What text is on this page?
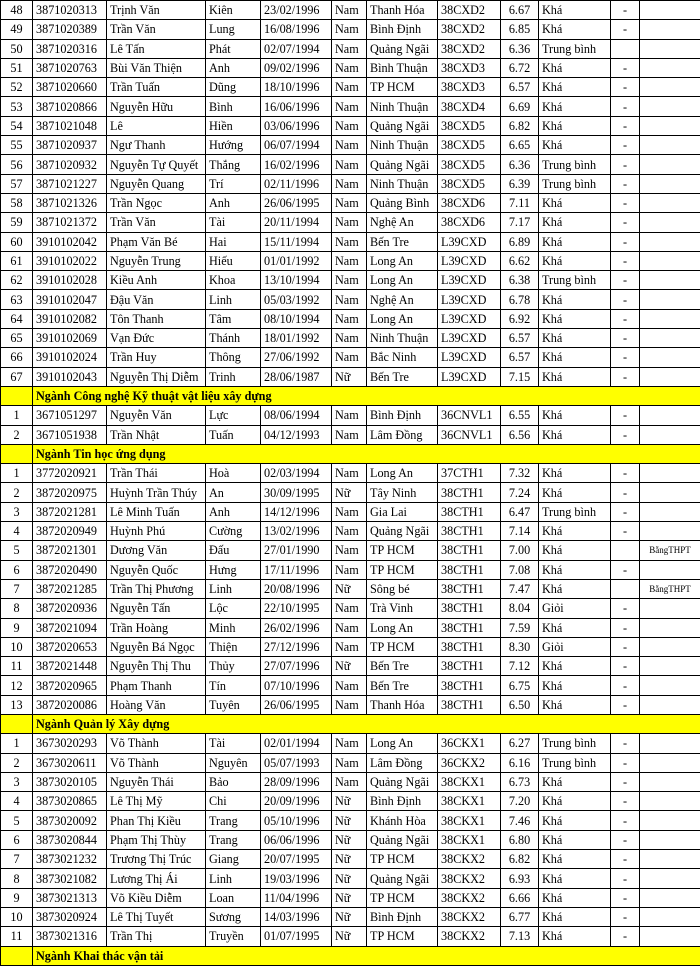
48	3871020313	Trịnh Văn	Kiên	23/02/1996	Nam	Thanh Hóa	38CXD2	6.67	Khá	-	
49	3871020389	Trần Văn	Lung	16/08/1996	Nam	Bình Định	38CXD2	6.85	Khá	-	
50	3871020316	Lê Tấn	Phát	02/07/1994	Nam	Quảng Ngãi	38CXD2	6.36	Trung bình		
51	3871020763	Bùi Văn Thiện	Anh	09/02/1996	Nam	Bình Thuận	38CXD3	6.72	Khá	-	
52	3871020660	Trần Tuấn	Dũng	18/10/1996	Nam	TP HCM	38CXD3	6.57	Khá	-	
53	3871020866	Nguyễn Hữu	Bình	16/06/1996	Nam	Ninh Thuận	38CXD4	6.69	Khá	-	
54	3871021048	Lê	Hiền	03/06/1996	Nam	Quảng Ngãi	38CXD5	6.82	Khá	-	
55	3871020937	Ngư Thanh	Hướng	06/07/1994	Nam	Ninh Thuận	38CXD5	6.65	Khá	-	
56	3871020932	Nguyễn Tự Quyết	Thắng	16/02/1996	Nam	Quảng Ngãi	38CXD5	6.36	Trung bình	-	
57	3871021227	Nguyễn Quang	Trí	02/11/1996	Nam	Ninh Thuận	38CXD5	6.39	Trung bình	-	
58	3871021326	Trần Ngọc	Anh	26/06/1995	Nam	Quảng Bình	38CXD6	7.11	Khá	-	
59	3871021372	Trần Văn	Tài	20/11/1994	Nam	Nghệ An	38CXD6	7.17	Khá	-	
60	3910102042	Phạm Văn Bé	Hai	15/11/1994	Nam	Bến Tre	L39CXD	6.89	Khá	-	
61	3910102022	Nguyễn Trung	Hiếu	01/01/1992	Nam	Long An	L39CXD	6.62	Khá	-	
62	3910102028	Kiều Anh	Khoa	13/10/1994	Nam	Long An	L39CXD	6.38	Trung bình	-	
63	3910102047	Đậu Văn	Linh	05/03/1992	Nam	Nghệ An	L39CXD	6.78	Khá	-	
64	3910102082	Tôn Thanh	Tâm	08/10/1994	Nam	Long An	L39CXD	6.92	Khá	-	
65	3910102069	Vạn Đức	Thánh	18/01/1992	Nam	Ninh Thuận	L39CXD	6.57	Khá	-	
66	3910102024	Trần Huy	Thông	27/06/1992	Nam	Bắc Ninh	L39CXD	6.57	Khá	-	
67	3910102043	Nguyễn Thị Diễm	Trinh	28/06/1987	Nữ	Bến Tre	L39CXD	7.15	Khá	-	
	Ngành Công nghệ Kỹ thuật vật liệu xây dựng										
1	3671051297	Nguyễn Văn	Lực	08/06/1994	Nam	Bình Định	36CNVL1	6.55	Khá	-	
2	3671051938	Trần Nhật	Tuấn	04/12/1993	Nam	Lâm Đồng	36CNVL1	6.56	Khá	-	
	Ngành Tin học ứng dụng										
1	3772020921	Trần Thái	Hoà	02/03/1994	Nam	Long An	37CTH1	7.32	Khá	-	
2	3872020975	Huỳnh Trần Thúy	An	30/09/1995	Nữ	Tây Ninh	38CTH1	7.24	Khá	-	
3	3872021281	Lê Minh Tuấn	Anh	14/12/1996	Nam	Gia Lai	38CTH1	6.47	Trung bình	-	
4	3872020949	Huỳnh Phú	Cường	13/02/1996	Nam	Quảng Ngãi	38CTH1	7.14	Khá	-	
5	3872021301	Dương Văn	Đấu	27/01/1990	Nam	TP HCM	38CTH1	7.00	Khá		BằngTHPT
6	3872020490	Nguyễn Quốc	Hưng	17/11/1996	Nam	TP HCM	38CTH1	7.08	Khá	-	
7	3872021285	Trần Thị Phương	Linh	20/08/1996	Nữ	Sông bé	38CTH1	7.47	Khá		BằngTHPT
8	3872020936	Nguyễn Tấn	Lộc	22/10/1995	Nam	Trà Vinh	38CTH1	8.04	Giỏi	-	
9	3872021094	Trần Hoàng	Minh	26/02/1996	Nam	Long An	38CTH1	7.59	Khá	-	
10	3872020653	Nguyễn Bá Ngọc	Thiện	27/12/1996	Nam	TP HCM	38CTH1	8.30	Giỏi	-	
11	3872021448	Nguyễn Thị Thu	Thủy	27/07/1996	Nữ	Bến Tre	38CTH1	7.12	Khá	-	
12	3872020965	Phạm Thanh	Tín	07/10/1996	Nam	Bến Tre	38CTH1	6.75	Khá	-	
13	3872020086	Hoàng Văn	Tuyên	26/06/1995	Nam	Thanh Hóa	38CTH1	6.50	Khá	-	
	Ngành Quản lý Xây dựng										
1	3673020293	Võ Thành	Tài	02/01/1994	Nam	Long An	36CKX1	6.27	Trung bình	-	
2	3673020611	Võ Thành	Nguyên	05/07/1993	Nam	Lâm Đồng	36CKX2	6.16	Trung bình	-	
3	3873020105	Nguyễn Thái	Bảo	28/09/1996	Nam	Quảng Ngãi	38CKX1	6.73	Khá	-	
4	3873020865	Lê Thị Mỹ	Chi	20/09/1996	Nữ	Bình Định	38CKX1	7.20	Khá	-	
5	3873020092	Phan Thị Kiều	Trang	05/10/1996	Nữ	Khánh Hòa	38CKX1	7.46	Khá	-	
6	3873020844	Phạm Thị Thùy	Trang	06/06/1996	Nữ	Quảng Ngãi	38CKX1	6.80	Khá	-	
7	3873021232	Trương Thị Trúc	Giang	20/07/1995	Nữ	TP HCM	38CKX2	6.82	Khá	-	
8	3873021082	Lương Thị Ái	Linh	19/03/1996	Nữ	Quảng Ngãi	38CKX2	6.93	Khá	-	
9	3873021313	Võ Kiều Diễm	Loan	11/04/1996	Nữ	TP HCM	38CKX2	6.66	Khá	-	
10	3873020924	Lê Thị Tuyết	Sương	14/03/1996	Nữ	Bình Định	38CKX2	6.77	Khá	-	
11	3873021316	Trần Thị	Truyền	01/07/1995	Nữ	TP HCM	38CKX2	7.13	Khá	-	
	Ngành Khai thác vận tải										
